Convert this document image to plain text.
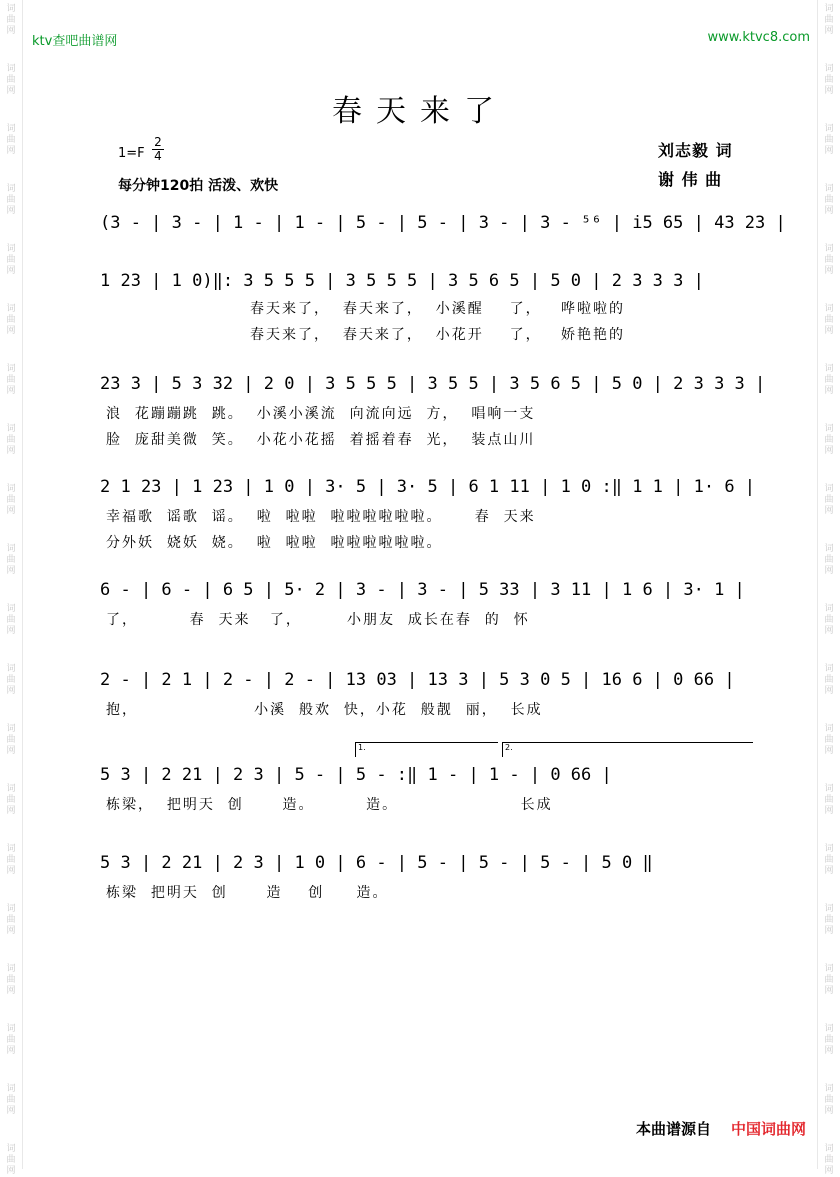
词
曲
网
词
曲
网
词
曲
网
词
曲
网
词
曲
网
词
曲
网
词
曲
网
词
曲
网
词
曲
网
词
曲
网
词
曲
网
词
曲
网
词
曲
网
词
曲
网
词
曲
网
词
曲
网
词
曲
网
词
曲
网
词
曲
网
词
曲
网
词
曲
网
词
曲
网
词
曲
网
词
曲
网
词
曲
网
词
曲
网
词
曲
网
词
曲
网
词
曲
网
词
曲
网
词
曲
网
词
曲
网
词
曲
网
词
曲
网
词
曲
网
词
曲
网
词
曲
网
词
曲
网
词
曲
网
词
曲
网
ktv查吧曲谱网	www.ktvc8.com
春天来了
$1=F \frac{2}{4}$
每分钟120拍 活泼、欢快
刘志毅 词
谢 伟 曲
(3 - | 3 - | 1 - | 1 - | 5 - | 5 - | 3 - | 3 - ⁵⁶ | i5 65 | 43 23 |
1 23 | 1 0)‖: 3 5 5 5 | 3 5 5 5 | 3 5 6 5 | 5 0 | 2 3 3 3 |
春天来了，  春天来了，  小溪醒    了，   哗啦啦的
春天来了，  春天来了，  小花开    了，   娇艳艳的
23 3 | 5 3 32 | 2 0 | 3 5 5 5 | 3 5 5 | 3 5 6 5 | 5 0 | 2 3 3 3 |
浪  花蹦蹦跳  跳。  小溪小溪流  向流向远  方，  唱响一支
脸  庞甜美微  笑。  小花小花摇  着摇着春  光，  装点山川
2 1 23 | 1 23 | 1 0 | 3· 5 | 3· 5 | 6 1 11 | 1 0 :‖ 1 1 | 1· 6 |
幸福歌  谣歌  谣。  啦  啦啦  啦啦啦啦啦啦。     春  天来
分外妖  娆妖  娆。  啦  啦啦  啦啦啦啦啦啦。
6 - | 6 - | 6 5 | 5· 2 | 3 - | 3 - | 5 33 | 3 11 | 1 6 | 3· 1 |
了，        春  天来   了，       小朋友  成长在春  的  怀
2 - | 2 1 | 2 - | 2 - | 13 03 | 13 3 | 5 3 0 5 | 16 6 | 0 66 |
抱，                  小溪  般欢  快，小花  般靓  丽，  长成
1.	2.
5 3 | 2 21 | 2 3 | 5 - | 5 - :‖ 1 - | 1 - | 0 66 |
栋梁，  把明天  创      造。        造。                   长成
5 3 | 2 21 | 2 3 | 1 0 | 6 - | 5 - | 5 - | 5 - | 5 0 ‖
栋梁  把明天  创      造    创     造。
本曲谱源自 中国词曲网
